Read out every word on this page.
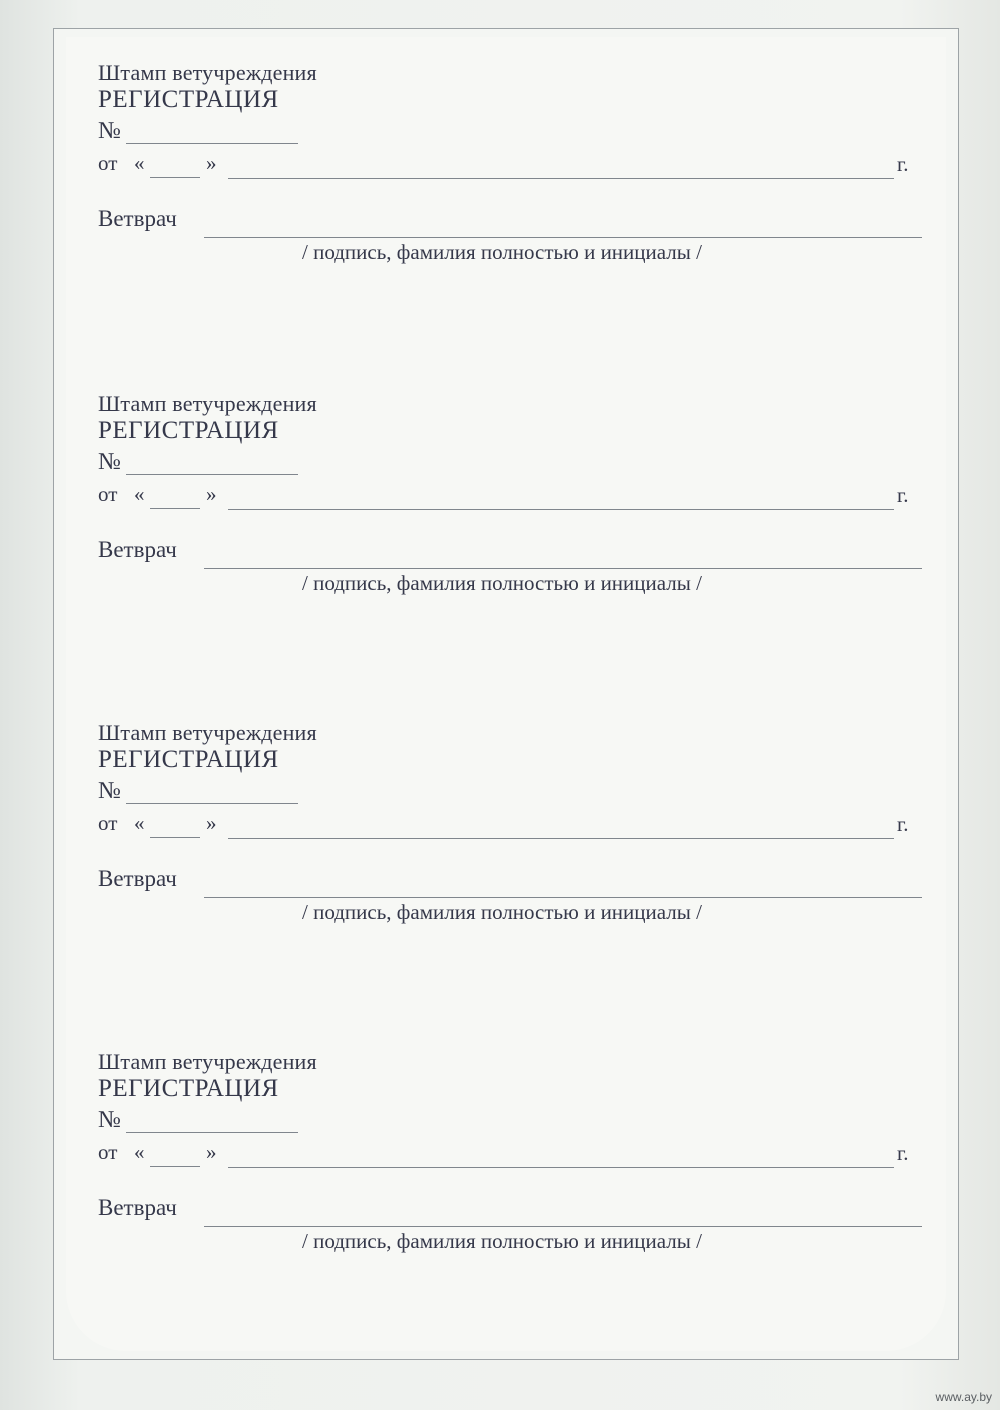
Штамп ветучреждения
РЕГИСТРАЦИЯ
№
от «	»	г.
Ветврач
/ подпись, фамилия полностью и инициалы /
Штамп ветучреждения
РЕГИСТРАЦИЯ
№
от «	»	г.
Ветврач
/ подпись, фамилия полностью и инициалы /
Штамп ветучреждения
РЕГИСТРАЦИЯ
№
от «	»	г.
Ветврач
/ подпись, фамилия полностью и инициалы /
Штамп ветучреждения
РЕГИСТРАЦИЯ
№
от «	»	г.
Ветврач
/ подпись, фамилия полностью и инициалы /
www.ay.by
